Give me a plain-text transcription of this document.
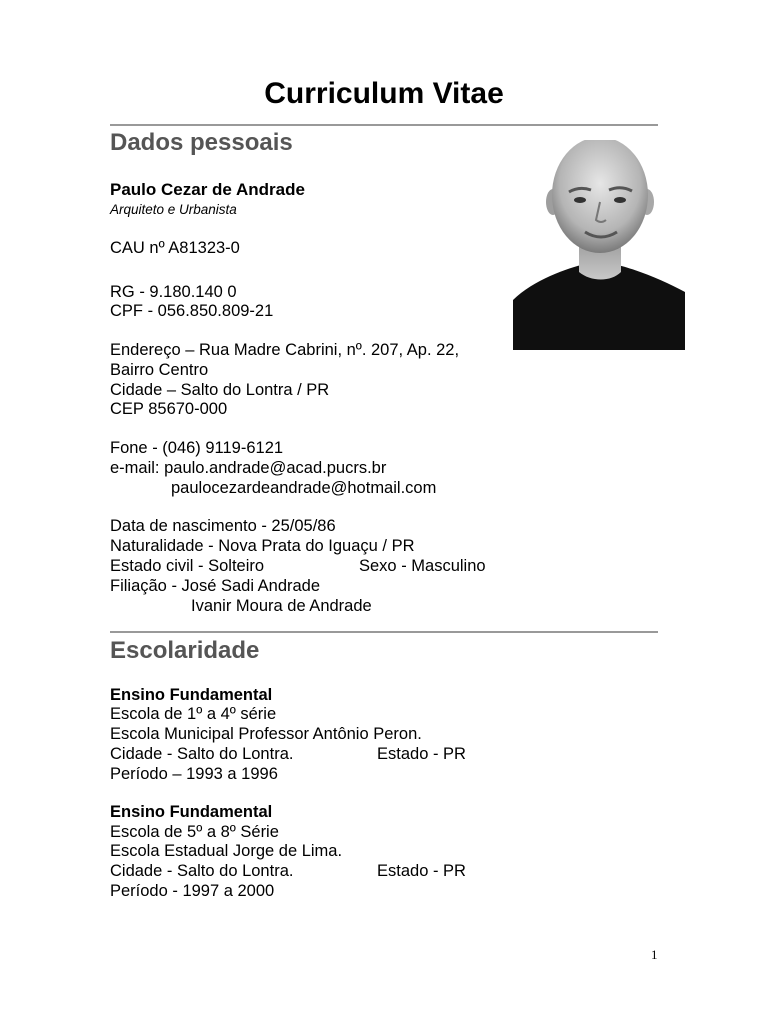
Curriculum Vitae
Dados pessoais
Paulo Cezar de Andrade
Arquiteto e Urbanista
CAU nº A81323-0
RG - 9.180.140 0
CPF - 056.850.809-21
Endereço – Rua Madre Cabrini, nº. 207, Ap. 22,
Bairro Centro
Cidade – Salto do Lontra / PR
CEP 85670-000
Fone - (046) 9119-6121
e-mail: paulo.andrade@acad.pucrs.br
paulocezardeandrade@hotmail.com
Data de nascimento - 25/05/86
Naturalidade - Nova Prata do Iguaçu / PR
Estado civil - Solteiro	Sexo - Masculino
Filiação - José Sadi Andrade
Ivanir Moura de Andrade
Escolaridade
Ensino Fundamental
Escola de 1º a 4º série
Escola Municipal Professor Antônio Peron.
Cidade - Salto do Lontra.	Estado - PR
Período – 1993 a 1996
Ensino Fundamental
Escola de 5º a 8º Série
Escola Estadual Jorge de Lima.
Cidade - Salto do Lontra.	Estado - PR
Período - 1997 a 2000
1
